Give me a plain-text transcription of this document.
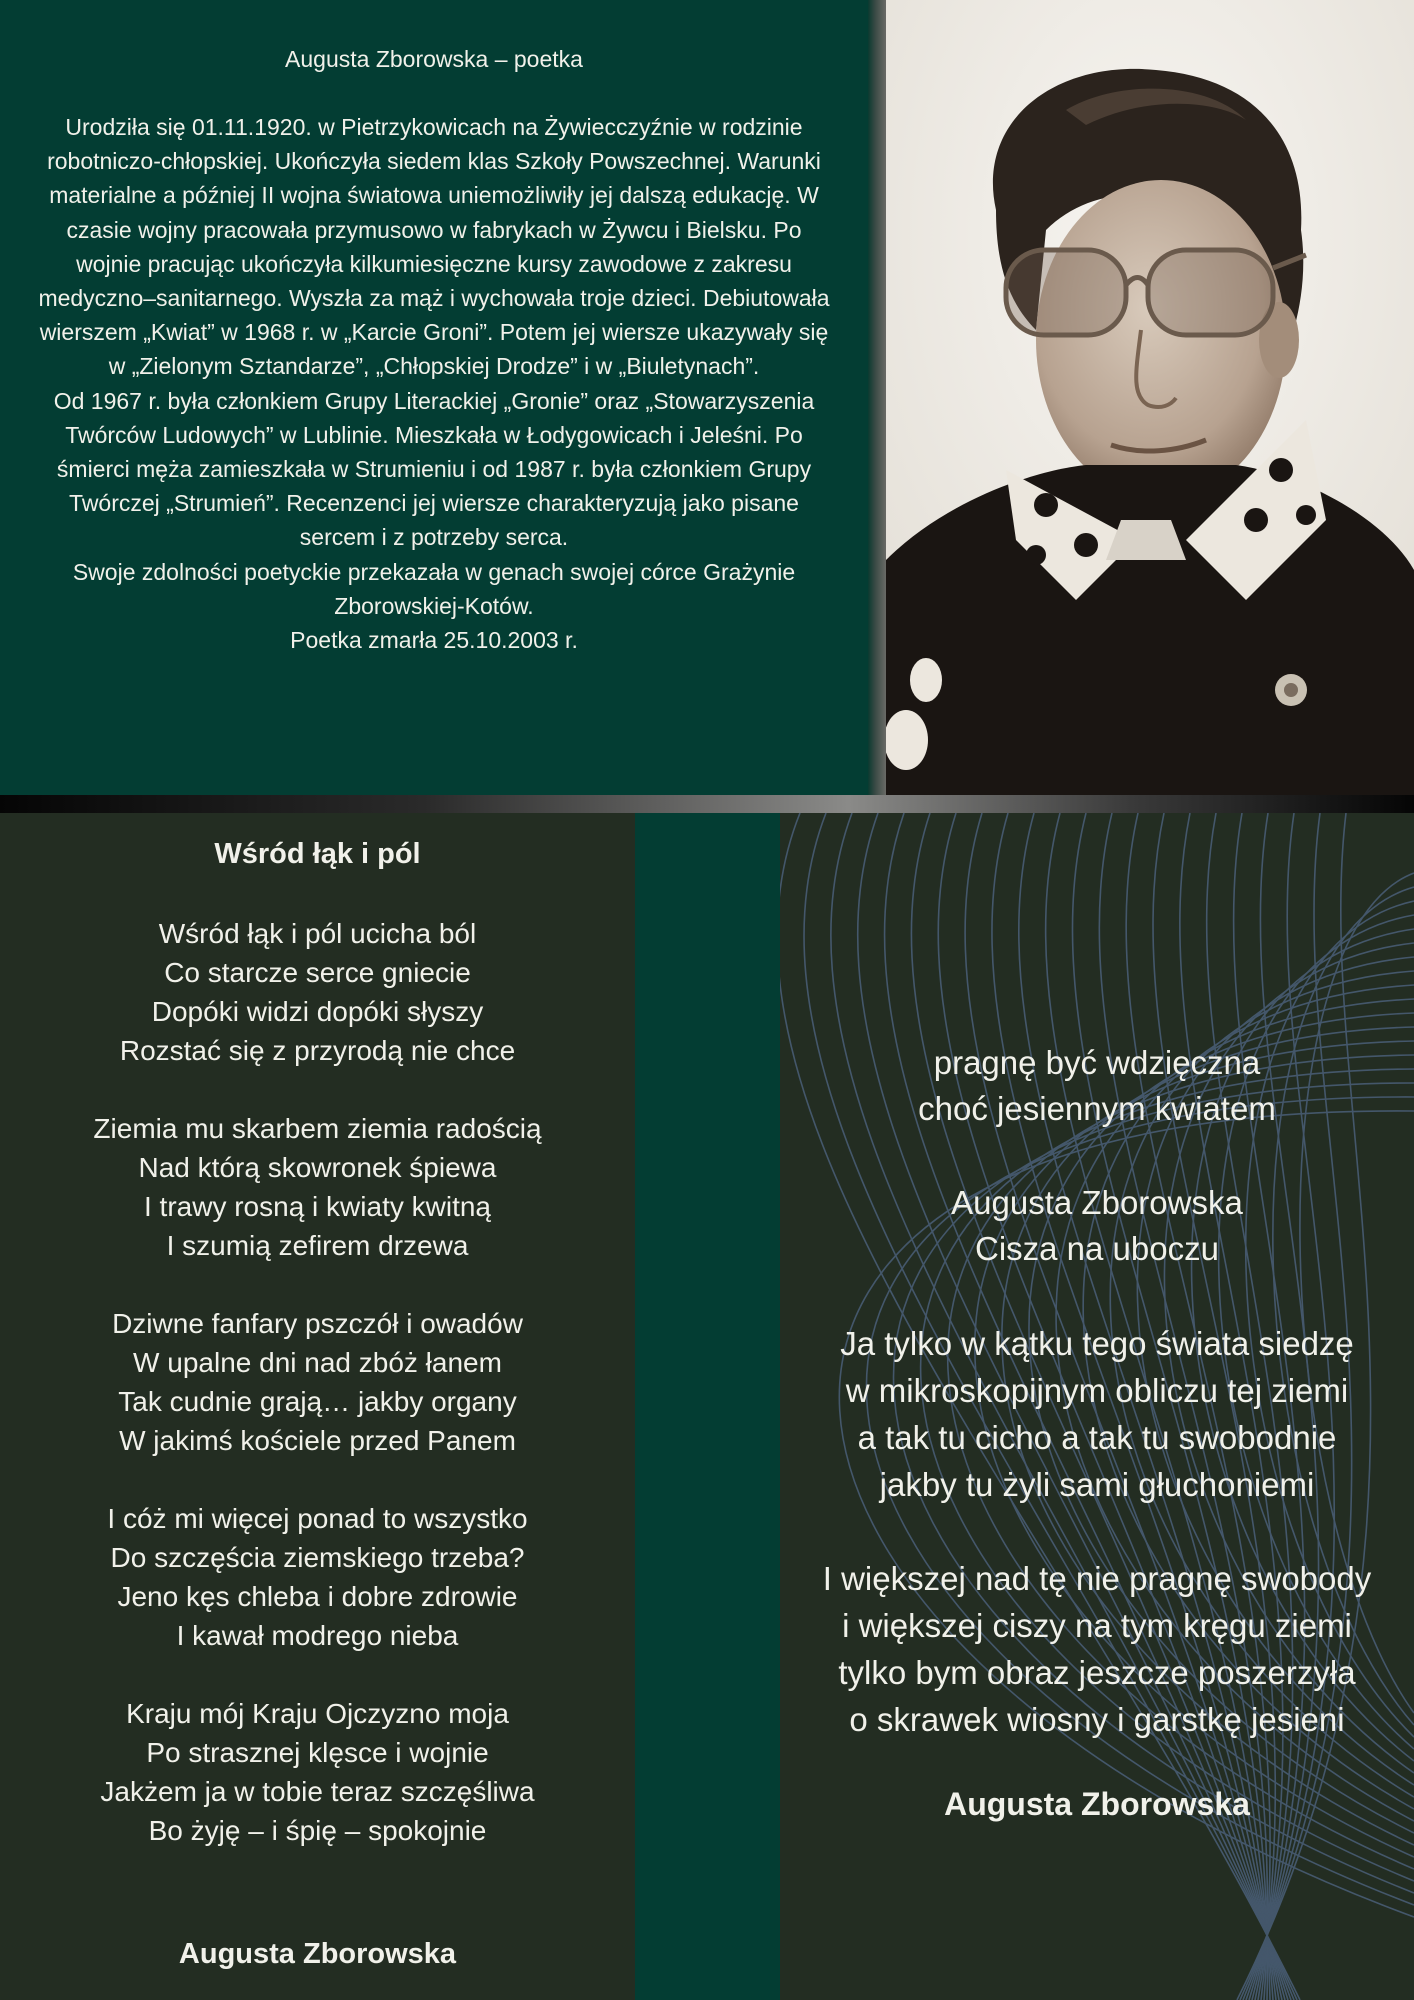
Augusta Zborowska – poetka

Urodziła się 01.11.1920. w Pietrzykowicach na Żywiecczyźnie w rodzinie robotniczo-chłopskiej. Ukończyła siedem klas Szkoły Powszechnej. Warunki materialne a później II wojna światowa uniemożliwiły jej dalszą edukację. W czasie wojny pracowała przymusowo w fabrykach w Żywcu i Bielsku. Po wojnie pracując ukończyła kilkumiesięczne kursy zawodowe z zakresu medyczno–sanitarnego. Wyszła za mąż i wychowała troje dzieci. Debiutowała wierszem „Kwiat” w 1968 r. w „Karcie Groni”. Potem jej wiersze ukazywały się w „Zielonym Sztandarze”, „Chłopskiej Drodze” i w „Biuletynach”.

Od 1967 r. była członkiem Grupy Literackiej „Gronie” oraz „Stowarzyszenia Twórców Ludowych” w Lublinie. Mieszkała w Łodygowicach i Jeleśni. Po śmierci męża zamieszkała w Strumieniu i od 1987 r. była członkiem Grupy Twórczej „Strumień”. Recenzenci jej wiersze charakteryzują jako pisane sercem i z potrzeby serca.

Swoje zdolności poetyckie przekazała w genach swojej córce Grażynie Zborowskiej-Kotów.

Poetka zmarła 25.10.2003 r.

Wśród łąk i pól
Wśród łąk i pól ucicha ból
Co starcze serce gniecie
Dopóki widzi dopóki słyszy
Rozstać się z przyrodą nie chce
Ziemia mu skarbem ziemia radością
Nad którą skowronek śpiewa
I trawy rosną i kwiaty kwitną
I szumią zefirem drzewa
Dziwne fanfary pszczół i owadów
W upalne dni nad zbóż łanem
Tak cudnie grają… jakby organy
W jakimś kościele przed Panem
I cóż mi więcej ponad to wszystko
Do szczęścia ziemskiego trzeba?
Jeno kęs chleba i dobre zdrowie
I kawał modrego nieba
Kraju mój Kraju Ojczyzno moja
Po strasznej klęsce i wojnie
Jakżem ja w tobie teraz szczęśliwa
Bo żyję – i śpię – spokojnie
Augusta Zborowska
pragnę być wdzięczna
choć jesiennym kwiatem
Augusta Zborowska
Cisza na uboczu
Ja tylko w kątku tego świata siedzę
w mikroskopijnym obliczu tej ziemi
a tak tu cicho a tak tu swobodnie
jakby tu żyli sami głuchoniemi
I większej nad tę nie pragnę swobody
i większej ciszy na tym kręgu ziemi
tylko bym obraz jeszcze poszerzyła
o skrawek wiosny i garstkę jesieni
Augusta Zborowska
